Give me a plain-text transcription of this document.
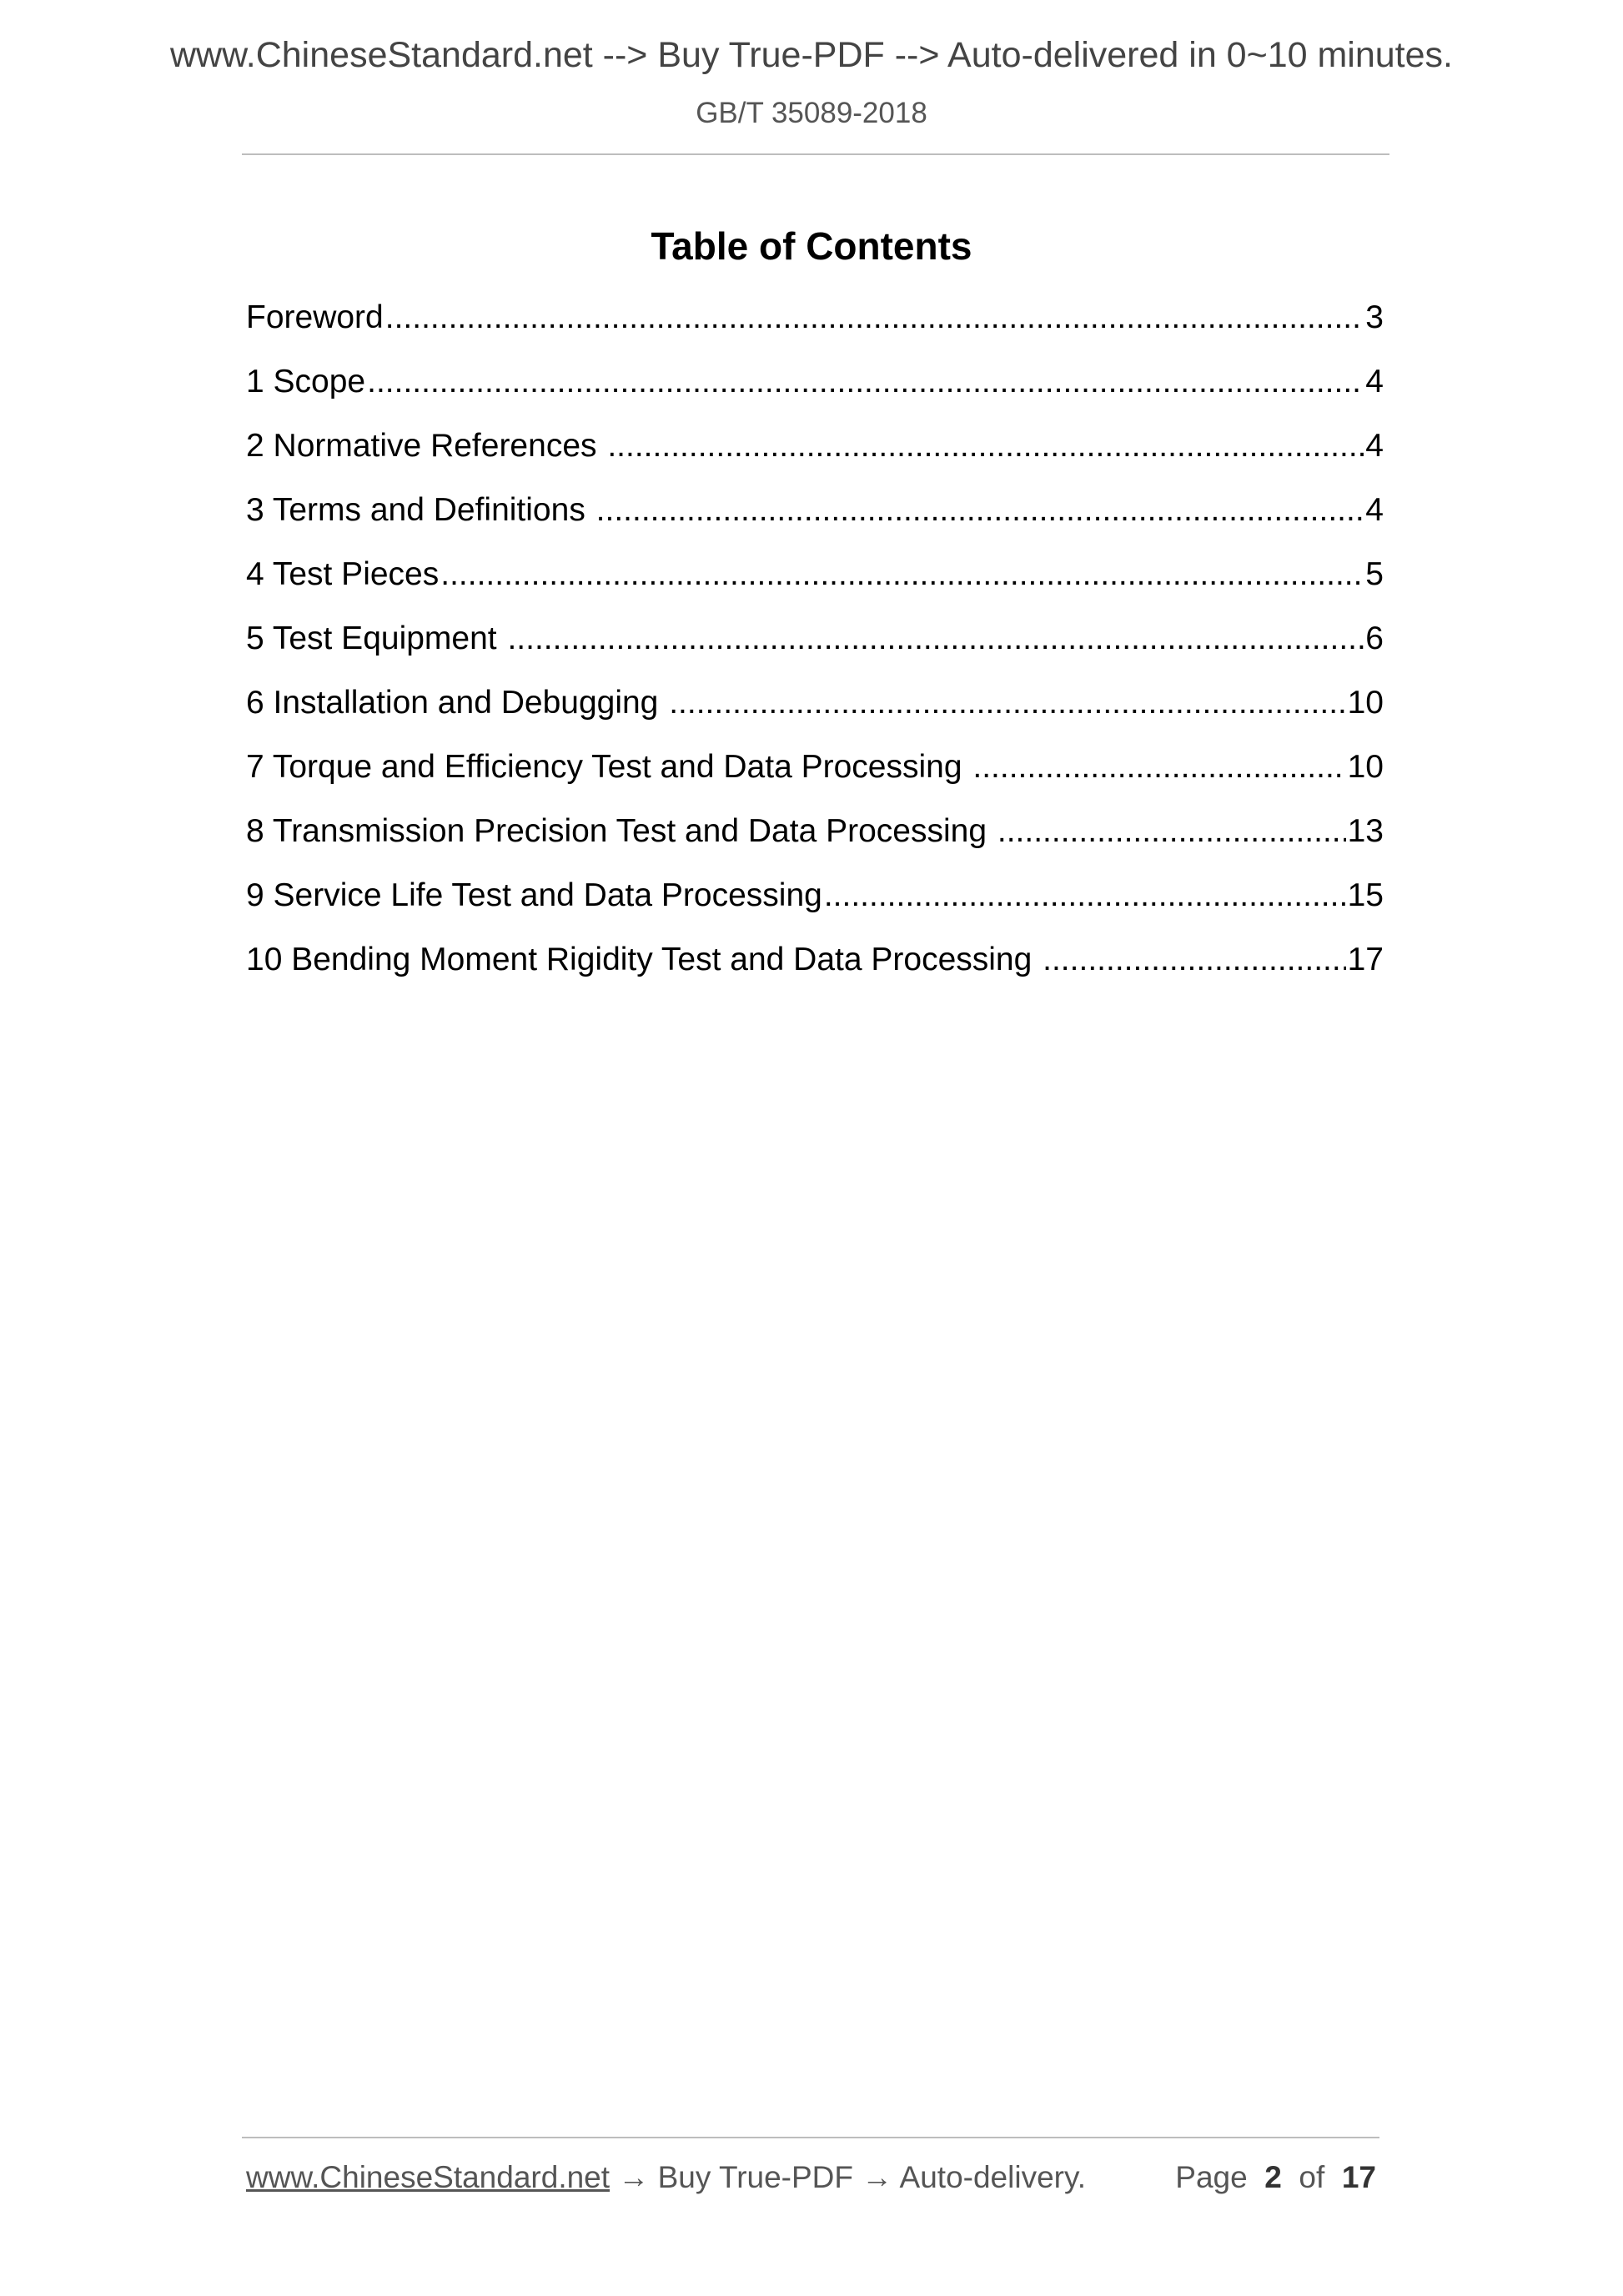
www.ChineseStandard.net --> Buy True-PDF --> Auto-delivered in 0~10 minutes.
GB/T 35089-2018
Table of Contents
Foreword .....	3
1 Scope .....	4
2 Normative References .....	4
3 Terms and Definitions .....	4
4 Test Pieces .....	5
5 Test Equipment .....	6
6 Installation and Debugging .....	10
7 Torque and Efficiency Test and Data Processing .....	10
8 Transmission Precision Test and Data Processing .....	13
9 Service Life Test and Data Processing .....	15
10 Bending Moment Rigidity Test and Data Processing .....	17
www.ChineseStandard.net → Buy True-PDF → Auto-delivery.	Page 2 of 17
